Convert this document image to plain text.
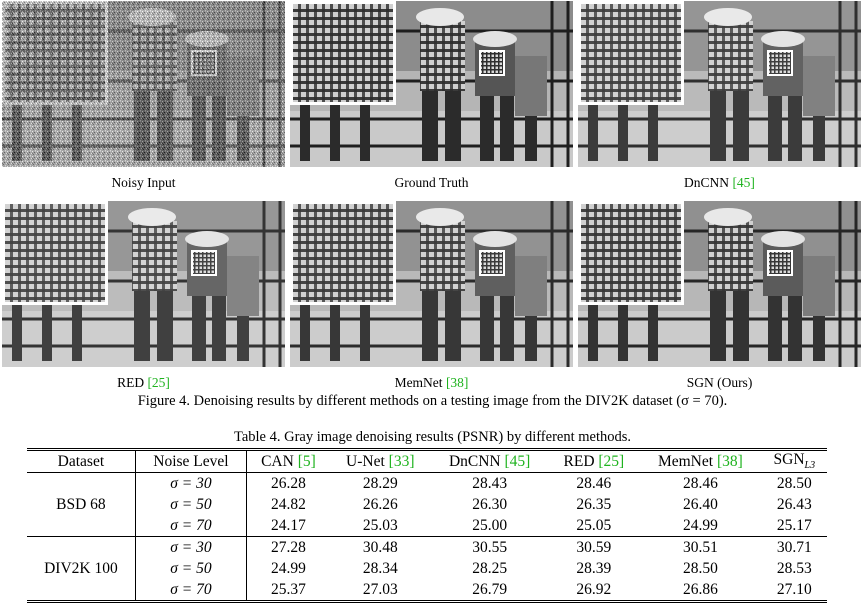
Noisy Input	Ground Truth	DnCNN [45]
RED [25]	MemNet [38]	SGN (Ours)
Figure 4. Denoising results by different methods on a testing image from the DIV2K dataset (σ = 70).
Table 4. Gray image denoising results (PSNR) by different methods.
Dataset	Noise Level	CAN [5]	U-Net [33]	DnCNN [45]	RED [25]	MemNet [38]	$SGN_{L3}$
BSD 68	σ = 30	26.28	28.29	28.43	28.46	28.46	28.50
	σ = 50	24.82	26.26	26.30	26.35	26.40	26.43
	σ = 70	24.17	25.03	25.00	25.05	24.99	25.17
DIV2K 100	σ = 30	27.28	30.48	30.55	30.59	30.51	30.71
	σ = 50	24.99	28.34	28.25	28.39	28.50	28.53
	σ = 70	25.37	27.03	26.79	26.92	26.86	27.10
